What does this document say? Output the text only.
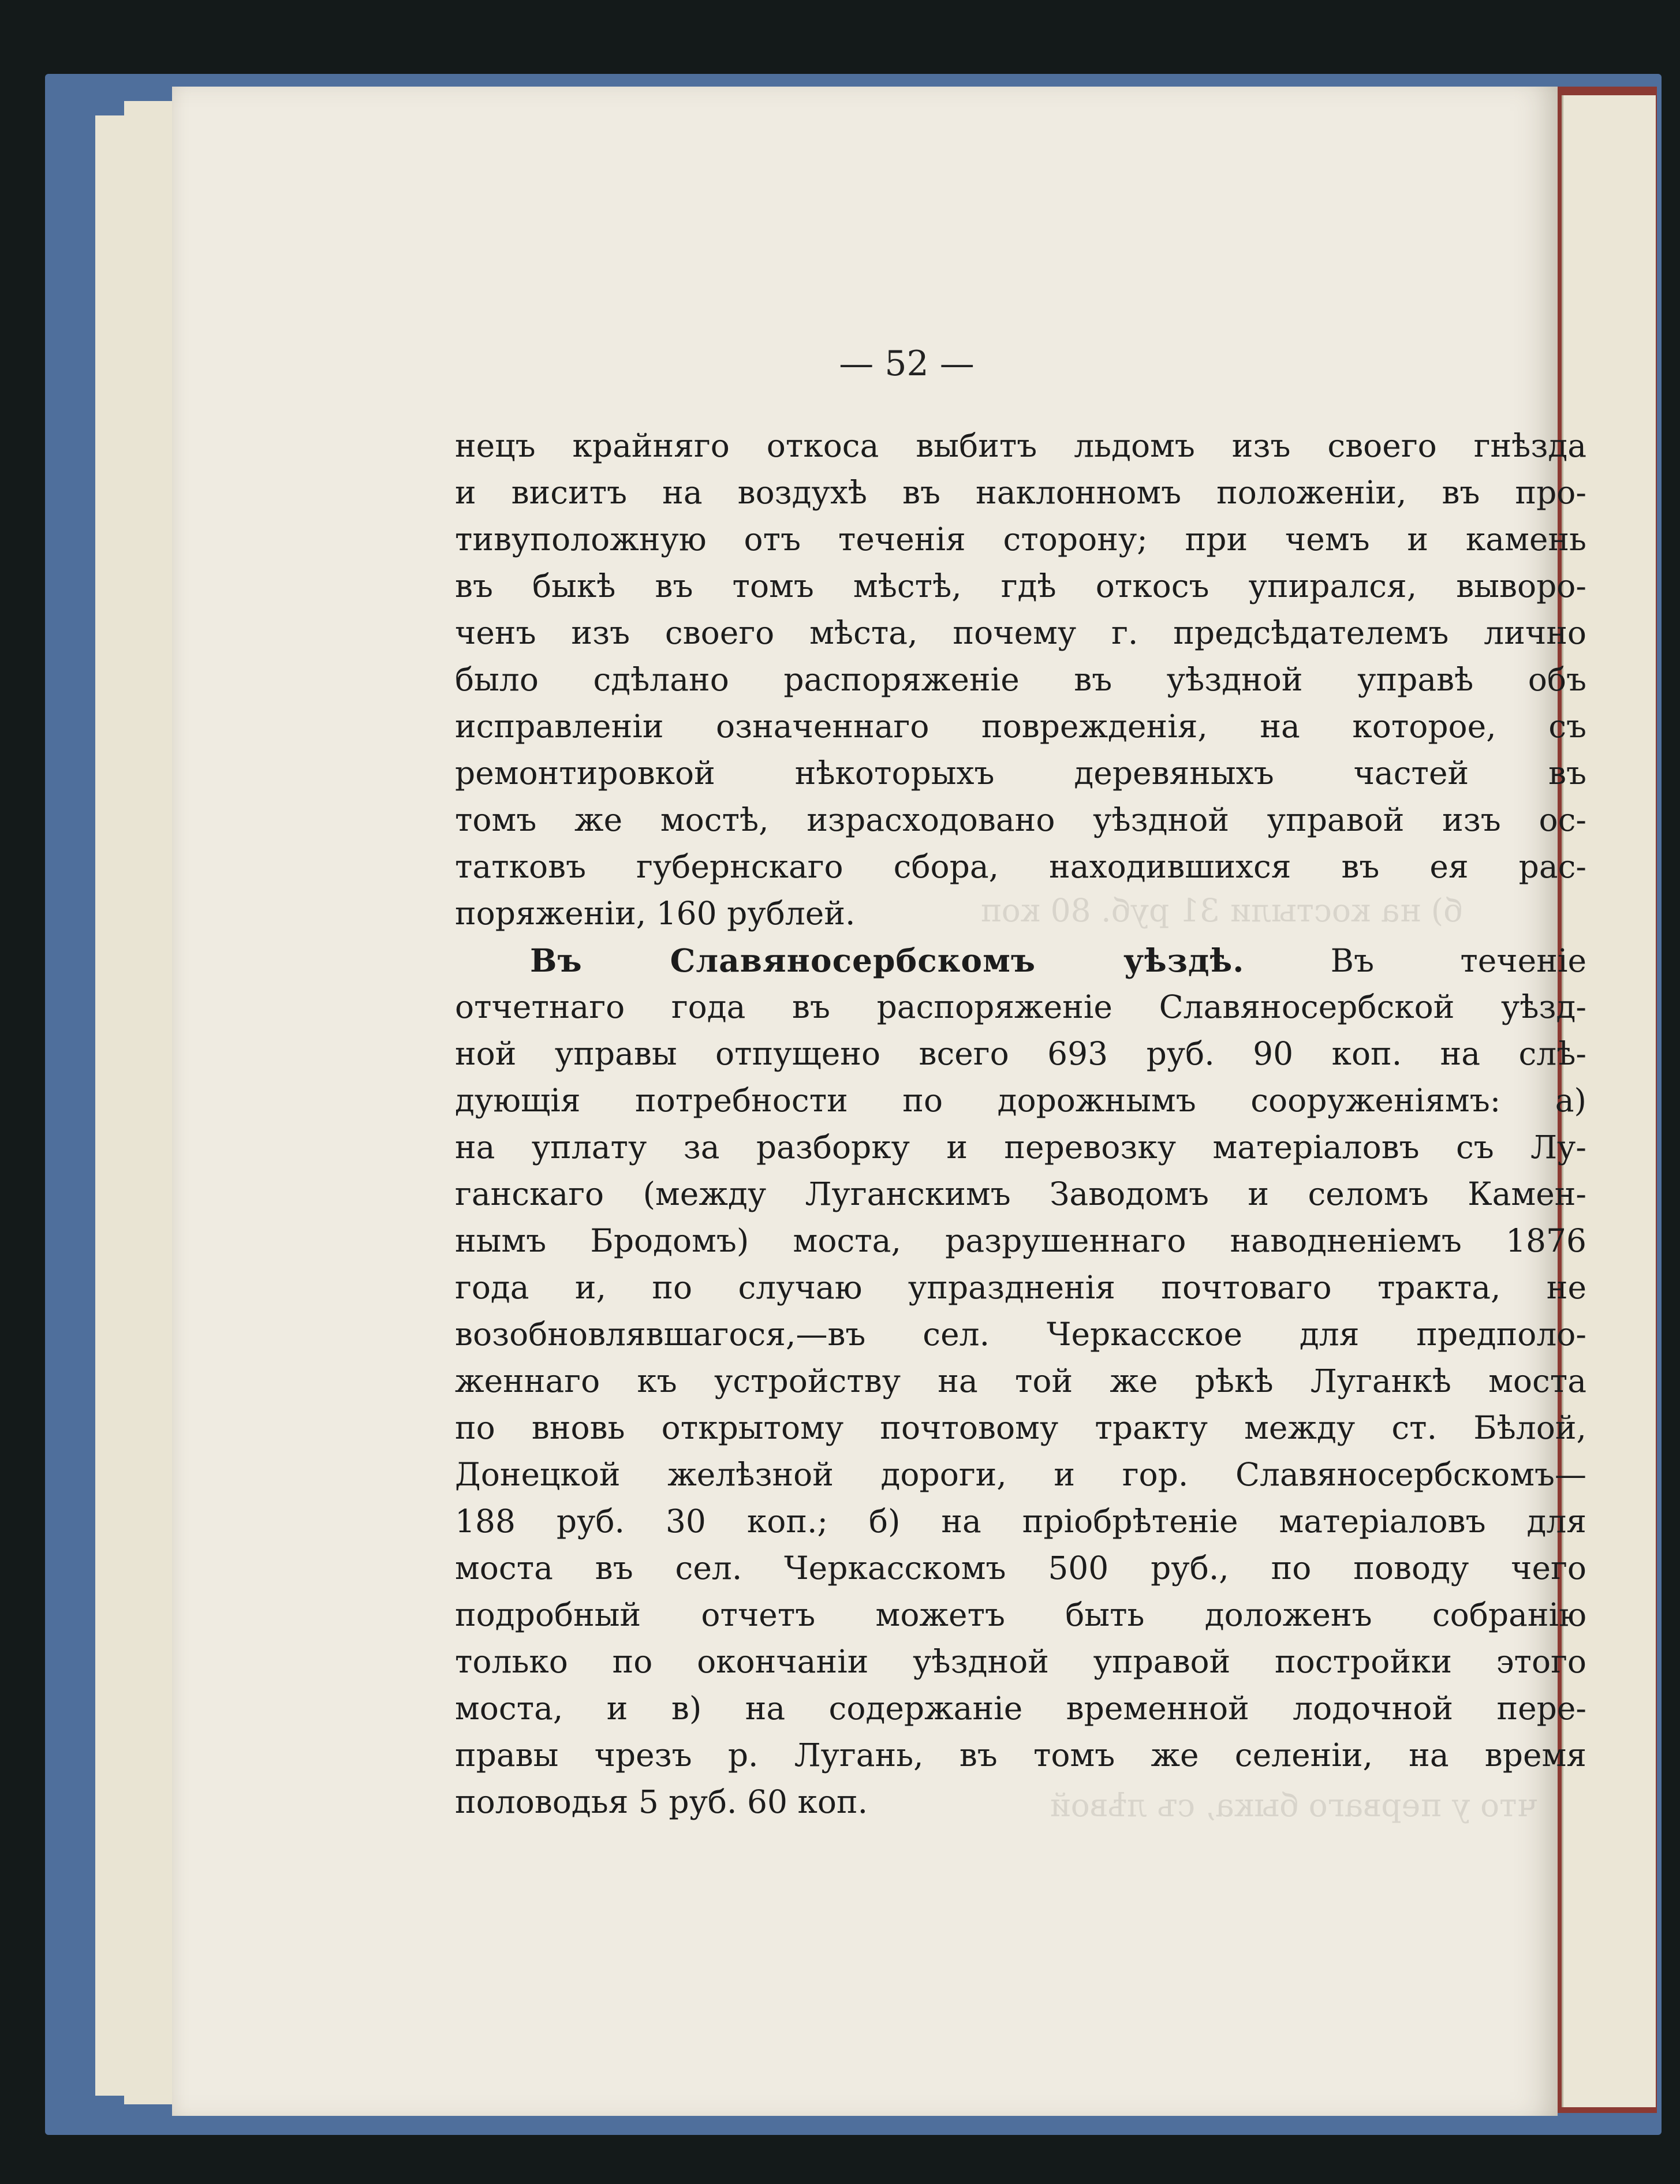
б) на костыли 31 руб. 80 коп
что у перваго быка, съ лѣвой
— 52 —
нецъ крайняго откоса выбитъ льдомъ изъ своего гнѣзда
и виситъ на воздухѣ въ наклонномъ положеніи, въ про-
тивуположную отъ теченія сторону; при чемъ и камень
въ быкѣ въ томъ мѣстѣ, гдѣ откосъ упирался, выворо-
ченъ изъ своего мѣста, почему г. предсѣдателемъ лично
было сдѣлано распоряженіе въ уѣздной управѣ объ
исправленіи означеннаго поврежденія, на которое, съ
ремонтировкой нѣкоторыхъ деревяныхъ частей въ
томъ же мостѣ, израсходовано уѣздной управой изъ ос-
татковъ губернскаго сбора, находившихся въ ея рас-
поряженіи, 160 рублей.
Въ Славяносербскомъ уѣздѣ. Въ теченіе
отчетнаго года въ распоряженіе Славяносербской уѣзд-
ной управы отпущено всего 693 руб. 90 коп. на слѣ-
дующія потребности по дорожнымъ сооруженіямъ: а)
на уплату за разборку и перевозку матеріаловъ съ Лу-
ганскаго (между Луганскимъ Заводомъ и селомъ Камен-
нымъ Бродомъ) моста, разрушеннаго наводненіемъ 1876
года и, по случаю упраздненія почтоваго тракта, не
возобновлявшагося,—въ сел. Черкасское для предполо-
женнаго къ устройству на той же рѣкѣ Луганкѣ моста
по вновь открытому почтовому тракту между ст. Бѣлой,
Донецкой желѣзной дороги, и гор. Славяносербскомъ—
188 руб. 30 коп.; б) на пріобрѣтеніе матеріаловъ для
моста въ сел. Черкасскомъ 500 руб., по поводу чего
подробный отчетъ можетъ быть доложенъ собранію
только по окончаніи уѣздной управой постройки этого
моста, и в) на содержаніе временной лодочной пере-
правы чрезъ р. Лугань, въ томъ же селеніи, на время
половодья 5 руб. 60 коп.
